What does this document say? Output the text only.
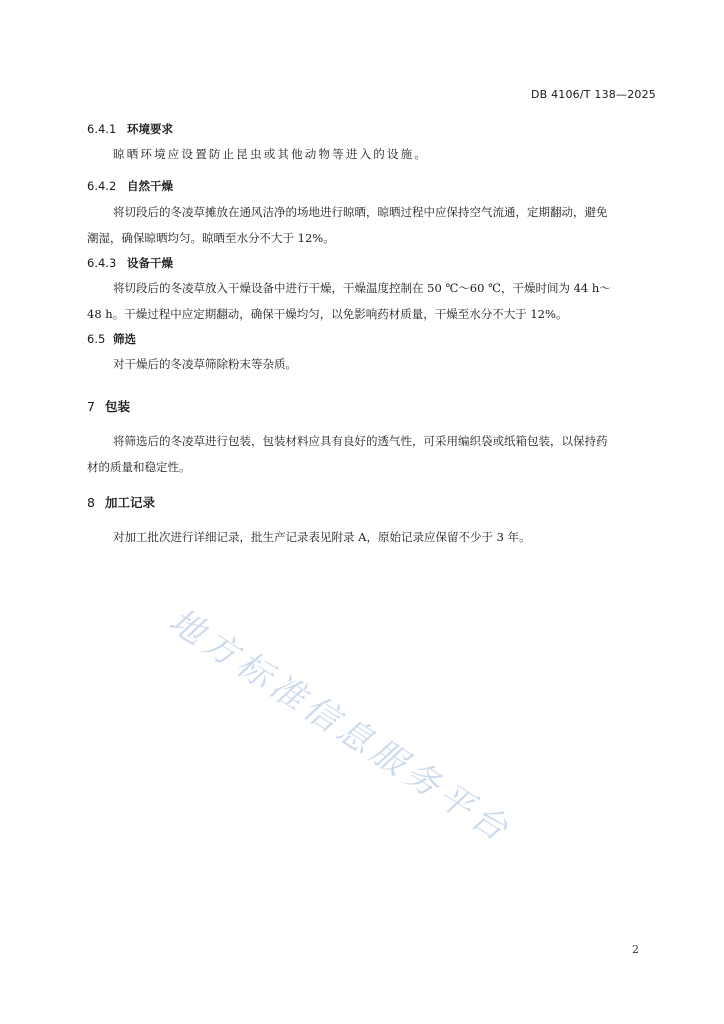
DB 4106/T 138—2025
6.4.1 环境要求
晾晒环境应设置防止昆虫或其他动物等进入的设施。
6.4.2 自然干燥
将切段后的冬凌草摊放在通风洁净的场地进行晾晒，晾晒过程中应保持空气流通，定期翻动，避免
潮湿，确保晾晒均匀。晾晒至水分不大于 12%。
6.4.3 设备干燥
将切段后的冬凌草放入干燥设备中进行干燥，干燥温度控制在 50 ℃～60 ℃，干燥时间为 44 h～
48 h。干燥过程中应定期翻动，确保干燥均匀，以免影响药材质量，干燥至水分不大于 12%。
6.5 筛选
对干燥后的冬凌草筛除粉末等杂质。
7 包装
将筛选后的冬凌草进行包装，包装材料应具有良好的透气性，可采用编织袋或纸箱包装，以保持药
材的质量和稳定性。
8 加工记录
对加工批次进行详细记录，批生产记录表见附录 A，原始记录应保留不少于 3 年。
地方标准信息服务平台
2
